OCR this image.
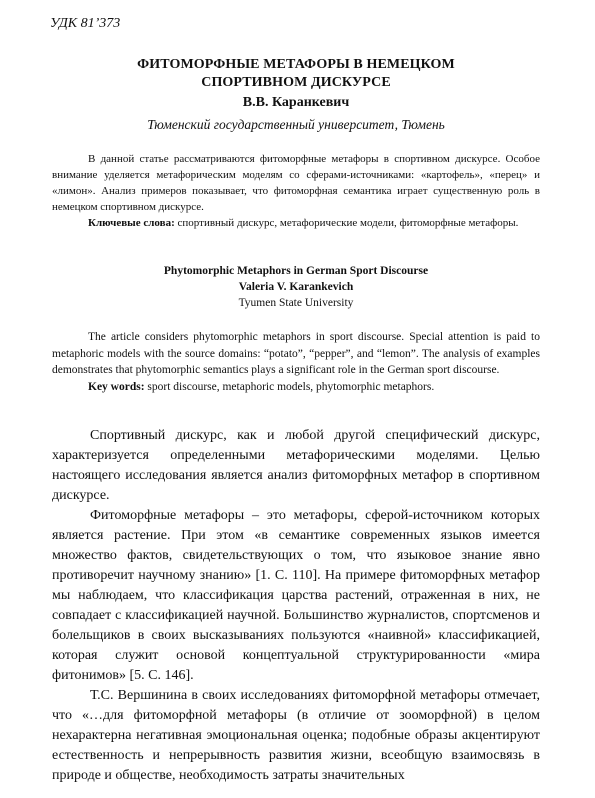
УДК 81’373
ФИТОМОРФНЫЕ МЕТАФОРЫ В НЕМЕЦКОМ
СПОРТИВНОМ ДИСКУРСЕ
В.В. Каранкевич
Тюменский государственный университет, Тюмень

В данной статье рассматриваются фитоморфные метафоры в спортивном дискурсе. Особое внимание уделяется метафорическим моделям со сферами-источниками: «картофель», «перец» и «лимон». Анализ примеров показывает, что фитоморфная семантика играет существенную роль в немецком спортивном дискурсе.

Ключевые слова: спортивный дискурс, метафорические модели, фитоморфные метафоры.

Phytomorphic Metaphors in German Sport Discourse
Valeria V. Karankevich
Tyumen State University

The article considers phytomorphic metaphors in sport discourse. Special attention is paid to metaphoric models with the source domains: “potato”, “pepper”, and “lemon”. The analysis of examples demonstrates that phytomorphic semantics plays a significant role in the German sport discourse.

Key words: sport discourse, metaphoric models, phytomorphic metaphors.

Спортивный дискурс, как и любой другой специфический дискурс, характеризуется определенными метафорическими моделями. Целью настоящего исследования является анализ фитоморфных метафор в спортивном дискурсе.

Фитоморфные метафоры – это метафоры, сферой-источником которых является растение. При этом «в семантике современных языков имеется множество фактов, свидетельствующих о том, что языковое знание явно противоречит научному знанию» [1. С. 110]. На примере фитоморфных метафор мы наблюдаем, что классификация царства растений, отраженная в них, не совпадает с классификацией научной. Большинство журналистов, спортсменов и болельщиков в своих высказываниях пользуются «наивной» классификацией, которая служит основой концептуальной структурированности «мира фитонимов» [5. С. 146].

Т.С. Вершинина в своих исследованиях фитоморфной метафоры отмечает, что «…для фитоморфной метафоры (в отличие от зооморфной) в целом нехарактерна негативная эмоциональная оценка; подобные образы акцентируют естественность и непрерывность развития жизни, всеобщую взаимосвязь в природе и обществе, необходимость затраты значительных
